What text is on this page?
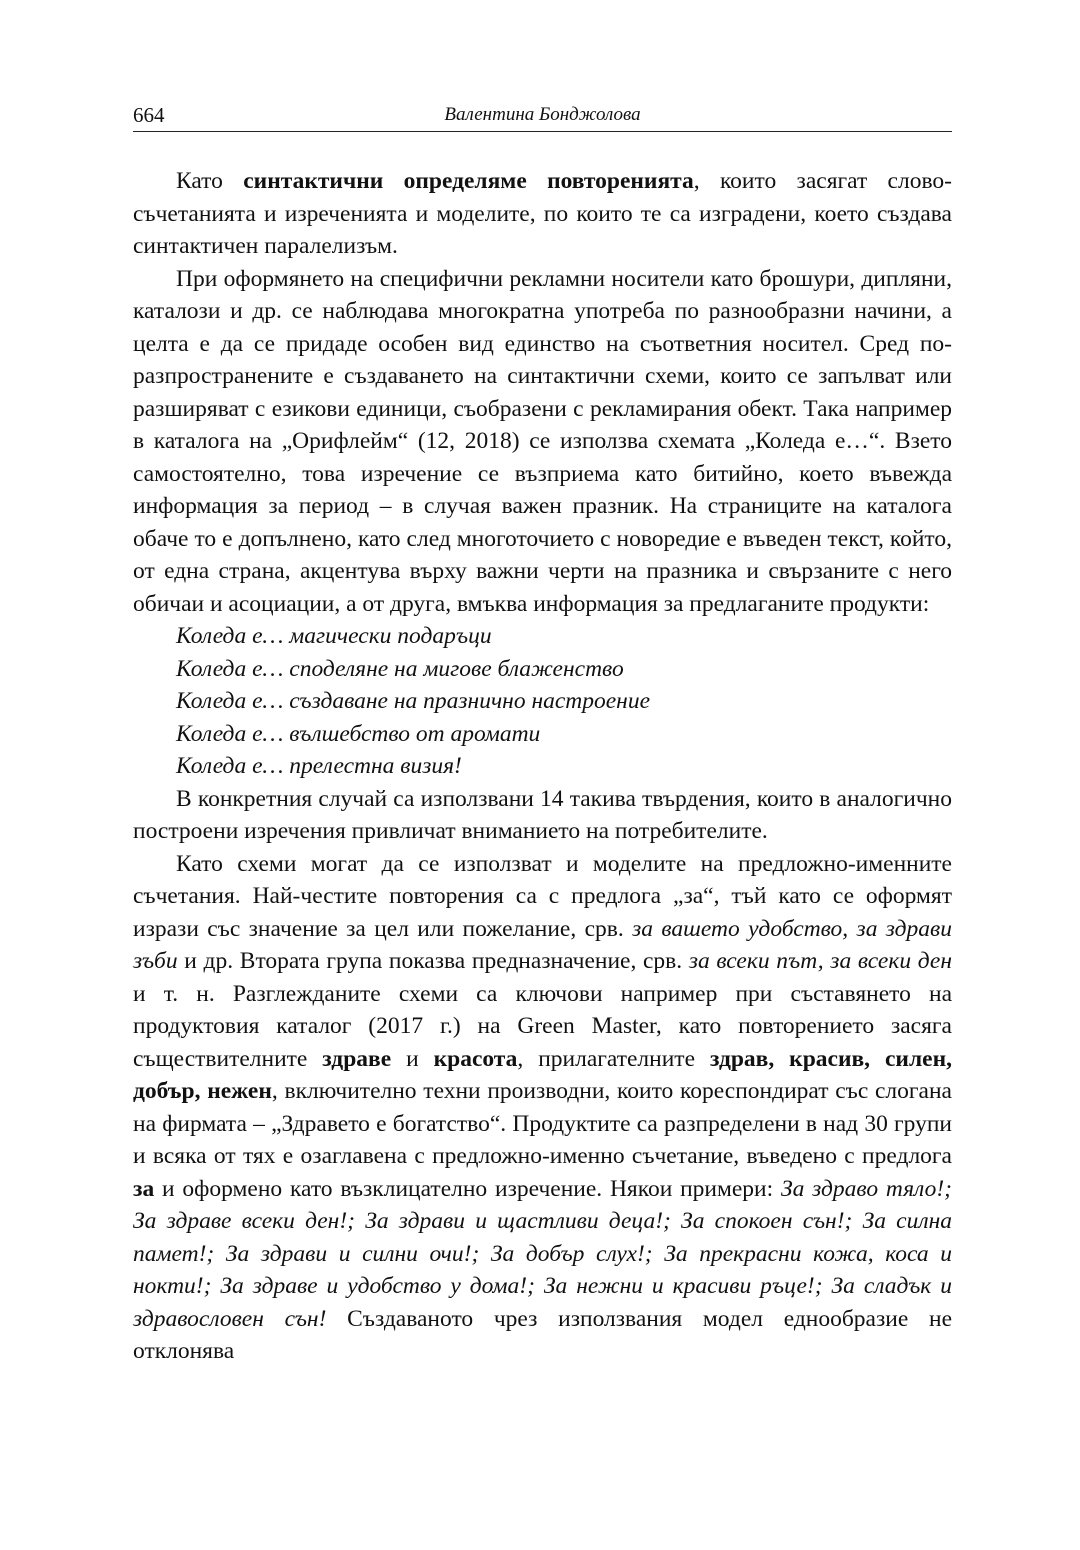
664	Валентина Бонджолова

Като синтактични определяме повторенията, които засягат словосъчетанията и изреченията и моделите, по които те са изградени, което създава синтактичен паралелизъм.

При оформянето на специфични рекламни носители като брошури, дипляни, каталози и др. се наблюдава многократна употреба по разнообразни начини, а целта е да се придаде особен вид единство на съответния носител. Сред по-разпространените е създаването на синтактични схеми, които се запълват или разширяват с езикови единици, съобразени с рекламирания обект. Така например в каталога на „Орифлейм“ (12, 2018) се използва схемата „Коледа е…“. Взето самостоятелно, това изречение се възприема като битийно, което въвежда информация за период – в случая важен празник. На страниците на каталога обаче то е допълнено, като след многоточието с новоредие е въведен текст, който, от една страна, акцентува върху важни черти на празника и свързаните с него обичаи и асоциации, а от друга, вмъква информация за предлаганите продукти:

Коледа е… магически подаръци

Коледа е… споделяне на мигове блаженство

Коледа е… създаване на празнично настроение

Коледа е… вълшебство от аромати

Коледа е… прелестна визия!

В конкретния случай са използвани 14 такива твърдения, които в аналогично построени изречения привличат вниманието на потребителите.

Като схеми могат да се използват и моделите на предложно-именните съчетания. Най-честите повторения са с предлога „за“, тъй като се оформят изрази със значение за цел или пожелание, срв. за вашето удобство, за здрави зъби и др. Втората група показва предназначение, срв. за всеки път, за всеки ден и т. н. Разглежданите схеми са ключови например при съставянето на продуктовия каталог (2017 г.) на Green Master, като повторението засяга съществителните здраве и красота, прилагателните здрав, красив, силен, добър, нежен, включително техни производни, които кореспондират със слогана на фирмата – „Здравето е богатство“. Продуктите са разпределени в над 30 групи и всяка от тях е озаглавена с предложно-именно съчетание, въведено с предлога за и оформено като възклицателно изречение. Някои примери: За здраво тяло!; За здраве всеки ден!; За здрави и щастливи деца!; За спокоен сън!; За силна памет!; За здрави и силни очи!; За добър слух!; За прекрасни кожа, коса и нокти!; За здраве и удобство у дома!; За нежни и красиви ръце!; За сладък и здравословен сън! Създаваното чрез използвания модел еднообразие не отклонява
